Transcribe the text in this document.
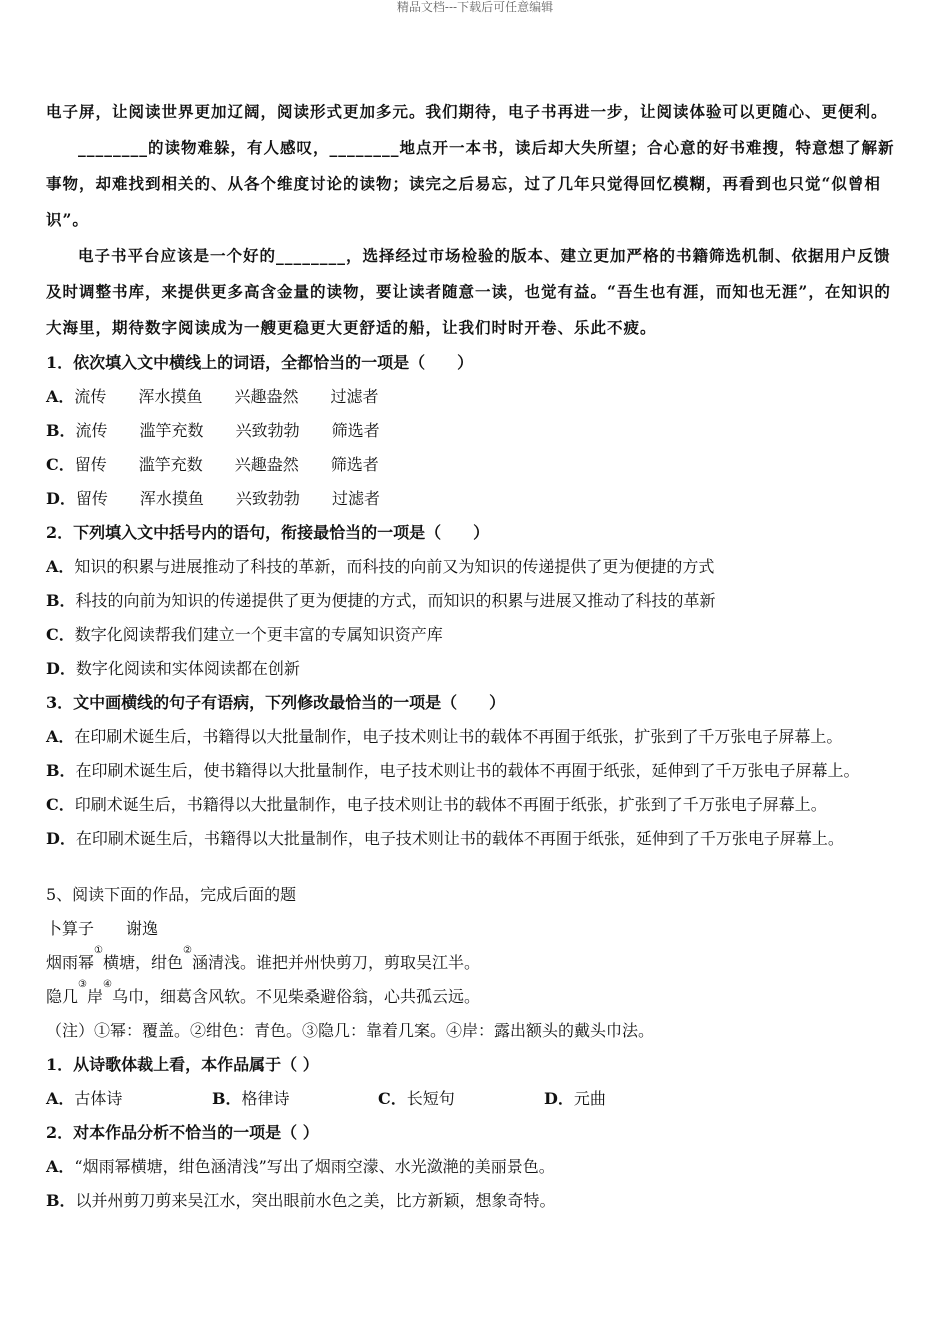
精品文档---下载后可任意编辑

电子屏，让阅读世界更加辽阔，阅读形式更加多元。我们期待，电子书再进一步，让阅读体验可以更随心、更便利。

________的读物难躲，有人感叹，________地点开一本书，读后却大失所望；合心意的好书难搜，特意想了解新事物，却难找到相关的、从各个维度讨论的读物；读完之后易忘，过了几年只觉得回忆模糊，再看到也只觉“似曾相识”。

电子书平台应该是一个好的________，选择经过市场检验的版本、建立更加严格的书籍筛选机制、依据用户反馈及时调整书库，来提供更多高含金量的读物，要让读者随意一读，也觉有益。“吾生也有涯，而知也无涯”，在知识的大海里，期待数字阅读成为一艘更稳更大更舒适的船，让我们时时开卷、乐此不疲。

1．依次填入文中横线上的词语，全都恰当的一项是（　　）

A．流传 浑水摸鱼 兴趣盎然 过滤者
B．流传 滥竽充数 兴致勃勃 筛选者
C．留传 滥竽充数 兴趣盎然 筛选者
D．留传 浑水摸鱼 兴致勃勃 过滤者

2．下列填入文中括号内的语句，衔接最恰当的一项是（　　）

A．知识的积累与进展推动了科技的革新，而科技的向前又为知识的传递提供了更为便捷的方式
B．科技的向前为知识的传递提供了更为便捷的方式，而知识的积累与进展又推动了科技的革新
C．数字化阅读帮我们建立一个更丰富的专属知识资产库
D．数字化阅读和实体阅读都在创新

3．文中画横线的句子有语病，下列修改最恰当的一项是（　　）

A．在印刷术诞生后，书籍得以大批量制作，电子技术则让书的载体不再囿于纸张，扩张到了千万张电子屏幕上。
B．在印刷术诞生后，使书籍得以大批量制作，电子技术则让书的载体不再囿于纸张，延伸到了千万张电子屏幕上。
C．印刷术诞生后，书籍得以大批量制作，电子技术则让书的载体不再囿于纸张，扩张到了千万张电子屏幕上。
D．在印刷术诞生后，书籍得以大批量制作，电子技术则让书的载体不再囿于纸张，延伸到了千万张电子屏幕上。

5、阅读下面的作品，完成后面的题

卜算子　　谢逸

烟雨幂①横塘，绀色②涵清浅。谁把并州快剪刀，剪取吴江半。

隐几③岸④乌巾，细葛含风软。不见柴桑避俗翁，心共孤云远。

（注）①幂：覆盖。②绀色：青色。③隐几：靠着几案。④岸：露出额头的戴头巾法。

1．从诗歌体裁上看，本作品属于（ ）

A．古体诗	B．格律诗	C．长短句	D．元曲

2．对本作品分析不恰当的一项是（ ）

A．“烟雨幂横塘，绀色涵清浅”写出了烟雨空濛、水光潋滟的美丽景色。
B．以并州剪刀剪来吴江水，突出眼前水色之美，比方新颖，想象奇特。
